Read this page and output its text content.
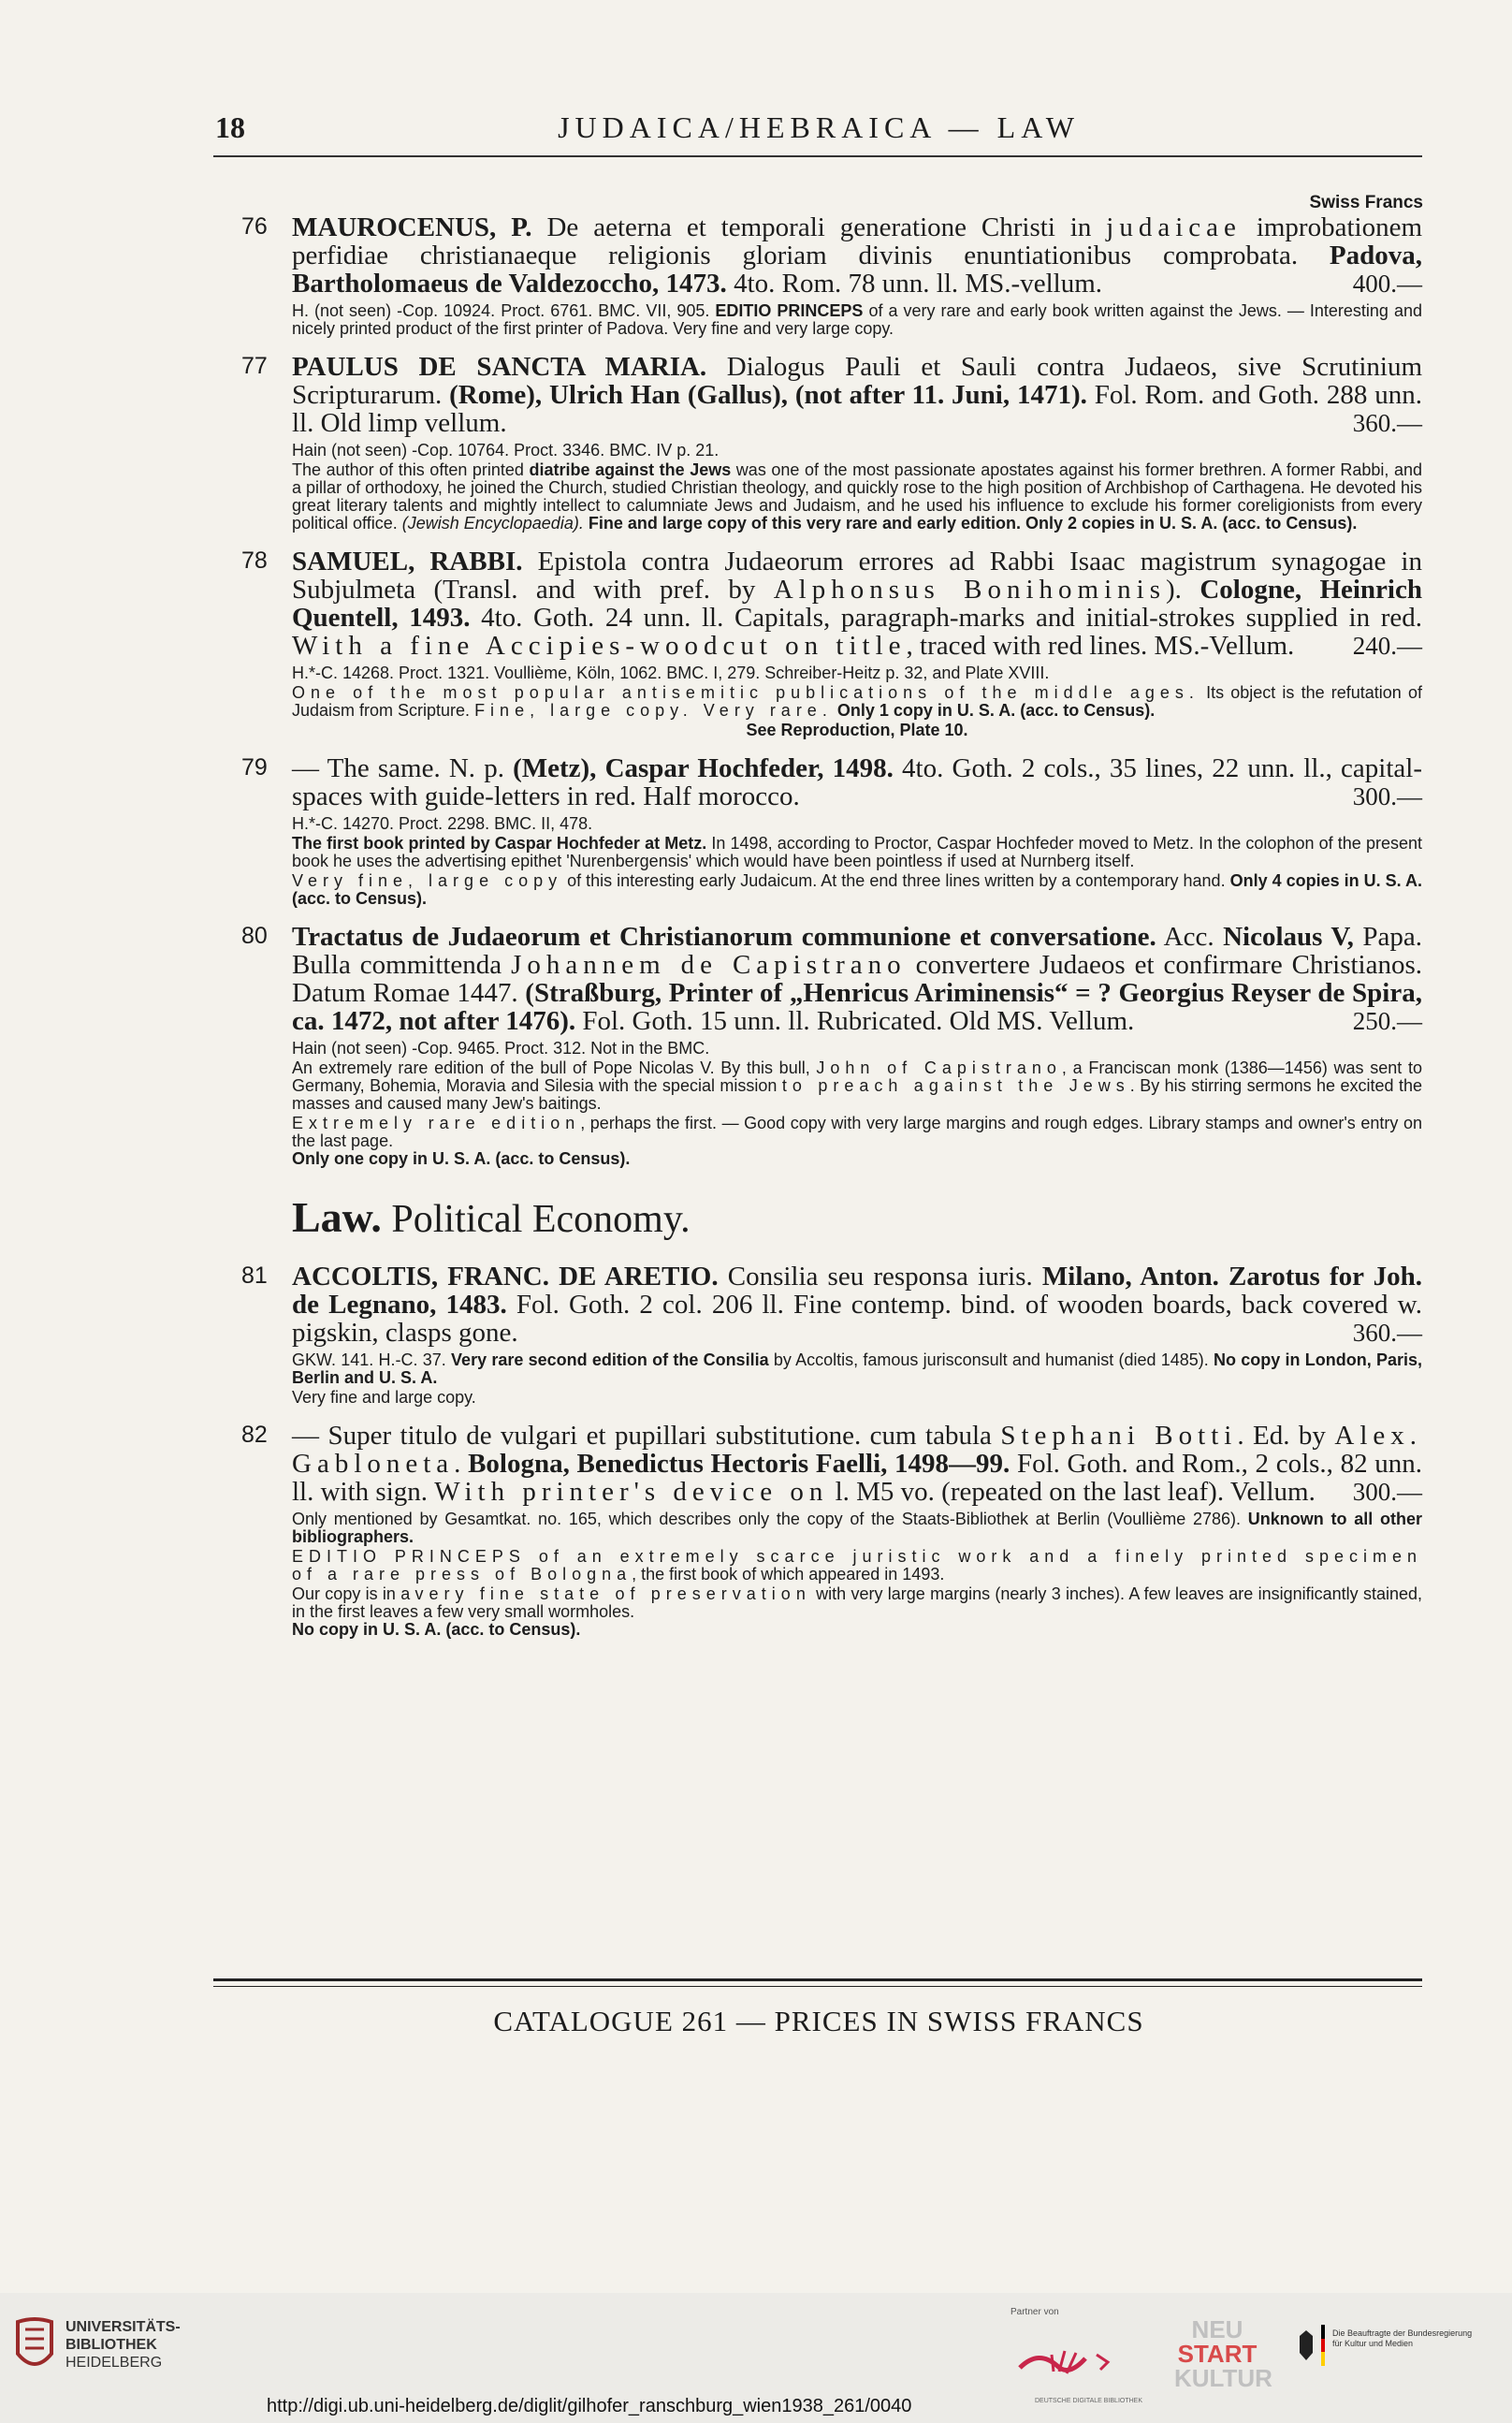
18	JUDAICA/HEBRAICA — LAW
Swiss Francs
76 MAUROCENUS, P. De aeterna et temporali generatione Christi in judaicae improbationem perfidiae christianaeque religionis gloriam divinis enuntiationibus comprobata. Padova, Bartholomaeus de Valdezoccho, 1473. 4to. Rom. 78 unn. ll. MS.-vellum.	400.—
H. (not seen) -Cop. 10924. Proct. 6761. BMC. VII, 905. EDITIO PRINCEPS of a very rare and early book written against the Jews. — Interesting and nicely printed product of the first printer of Padova. Very fine and very large copy.
77 PAULUS DE SANCTA MARIA. Dialogus Pauli et Sauli contra Judaeos, sive Scrutinium Scripturarum. (Rome), Ulrich Han (Gallus), (not after 11. Juni, 1471). Fol. Rom. and Goth. 288 unn. ll. Old limp vellum.	360.—
Hain (not seen) -Cop. 10764. Proct. 3346. BMC. IV p. 21.
The author of this often printed diatribe against the Jews was one of the most passionate apostates against his former brethren. A former Rabbi, and a pillar of orthodoxy, he joined the Church, studied Christian theology, and quickly rose to the high position of Archbishop of Carthagena. He devoted his great literary talents and mightly intellect to calumniate Jews and Judaism, and he used his influence to exclude his former coreligionists from every political office. (Jewish Encyclopaedia). Fine and large copy of this very rare and early edition. Only 2 copies in U. S. A. (acc. to Census).
78 SAMUEL, RABBI. Epistola contra Judaeorum errores ad Rabbi Isaac magistrum synagogae in Subjulmeta (Transl. and with pref. by Alphonsus Bonihominis). Cologne, Heinrich Quentell, 1493. 4to. Goth. 24 unn. ll. Capitals, paragraph-marks and initial-strokes supplied in red. With a fine Accipies-woodcut on title, traced with red lines. MS.-Vellum. 240.—
H.*-C. 14268. Proct. 1321. Voullième, Köln, 1062. BMC. I, 279. Schreiber-Heitz p. 32, and Plate XVIII.
One of the most popular antisemitic publications of the middle ages. Its object is the refutation of Judaism from Scripture. Fine, large copy. Very rare. Only 1 copy in U. S. A. (acc. to Census).
See Reproduction, Plate 10.
79 — The same. N. p. (Metz), Caspar Hochfeder, 1498. 4to. Goth. 2 cols., 35 lines, 22 unn. ll., capital-spaces with guide-letters in red. Half morocco.	300.—
H.*-C. 14270. Proct. 2298. BMC. II, 478.
The first book printed by Caspar Hochfeder at Metz. In 1498, according to Proctor, Caspar Hochfeder moved to Metz. In the colophon of the present book he uses the advertising epithet 'Nurenbergensis' which would have been pointless if used at Nurnberg itself.
Very fine, large copy of this interesting early Judaicum. At the end three lines written by a contemporary hand. Only 4 copies in U. S. A. (acc. to Census).
80 Tractatus de Judaeorum et Christianorum communione et conversatione. Acc. Nicolaus V, Papa. Bulla committenda Johannem de Capistrano convertere Judaeos et confirmare Christianos. Datum Romae 1447. (Straßburg, Printer of „Henricus Ariminensis“ = ? Georgius Reyser de Spira, ca. 1472, not after 1476). Fol. Goth. 15 unn. ll. Rubricated. Old MS. Vellum.	250.—
Hain (not seen) -Cop. 9465. Proct. 312. Not in the BMC.
An extremely rare edition of the bull of Pope Nicolas V. By this bull, John of Capistrano, a Franciscan monk (1386—1456) was sent to Germany, Bohemia, Moravia and Silesia with the special mission to preach against the Jews. By his stirring sermons he excited the masses and caused many Jew's baitings.
Extremely rare edition, perhaps the first. — Good copy with very large margins and rough edges. Library stamps and owner's entry on the last page.
Only one copy in U. S. A. (acc. to Census).
Law. Political Economy.
81 ACCOLTIS, FRANC. DE ARETIO. Consilia seu responsa iuris. Milano, Anton. Zarotus for Joh. de Legnano, 1483. Fol. Goth. 2 col. 206 ll. Fine contemp. bind. of wooden boards, back covered w. pigskin, clasps gone.	360.—
GKW. 141. H.-C. 37. Very rare second edition of the Consilia by Accoltis, famous jurisconsult and humanist (died 1485). No copy in London, Paris, Berlin and U. S. A.
Very fine and large copy.
82 — Super titulo de vulgari et pupillari substitutione. cum tabula Stephani Botti. Ed. by Alex. Gabloneta. Bologna, Benedictus Hectoris Faelli, 1498—99. Fol. Goth. and Rom., 2 cols., 82 unn. ll. with sign. With printer's device on l. M5 vo. (repeated on the last leaf). Vellum. 300.—
Only mentioned by Gesamtkat. no. 165, which describes only the copy of the Staats-Bibliothek at Berlin (Voullième 2786). Unknown to all other bibliographers.
EDITIO PRINCEPS of an extremely scarce juristic work and a finely printed specimen of a rare press of Bologna, the first book of which appeared in 1493.
Our copy is in a very fine state of preservation with very large margins (nearly 3 inches). A few leaves are insignificantly stained, in the first leaves a few very small wormholes.
No copy in U. S. A. (acc. to Census).
CATALOGUE 261 — PRICES IN SWISS FRANCS
UNIVERSITÄTS-
BIBLIOTHEK
HEIDELBERG
http://digi.ub.uni-heidelberg.de/diglit/gilhofer_ranschburg_wien1938_261/0040
Partner von
DEUTSCHE DIGITALE BIBLIOTHEK
NEU
START
KULTUR
Die Beauftragte der Bundesregierung für Kultur und Medien
